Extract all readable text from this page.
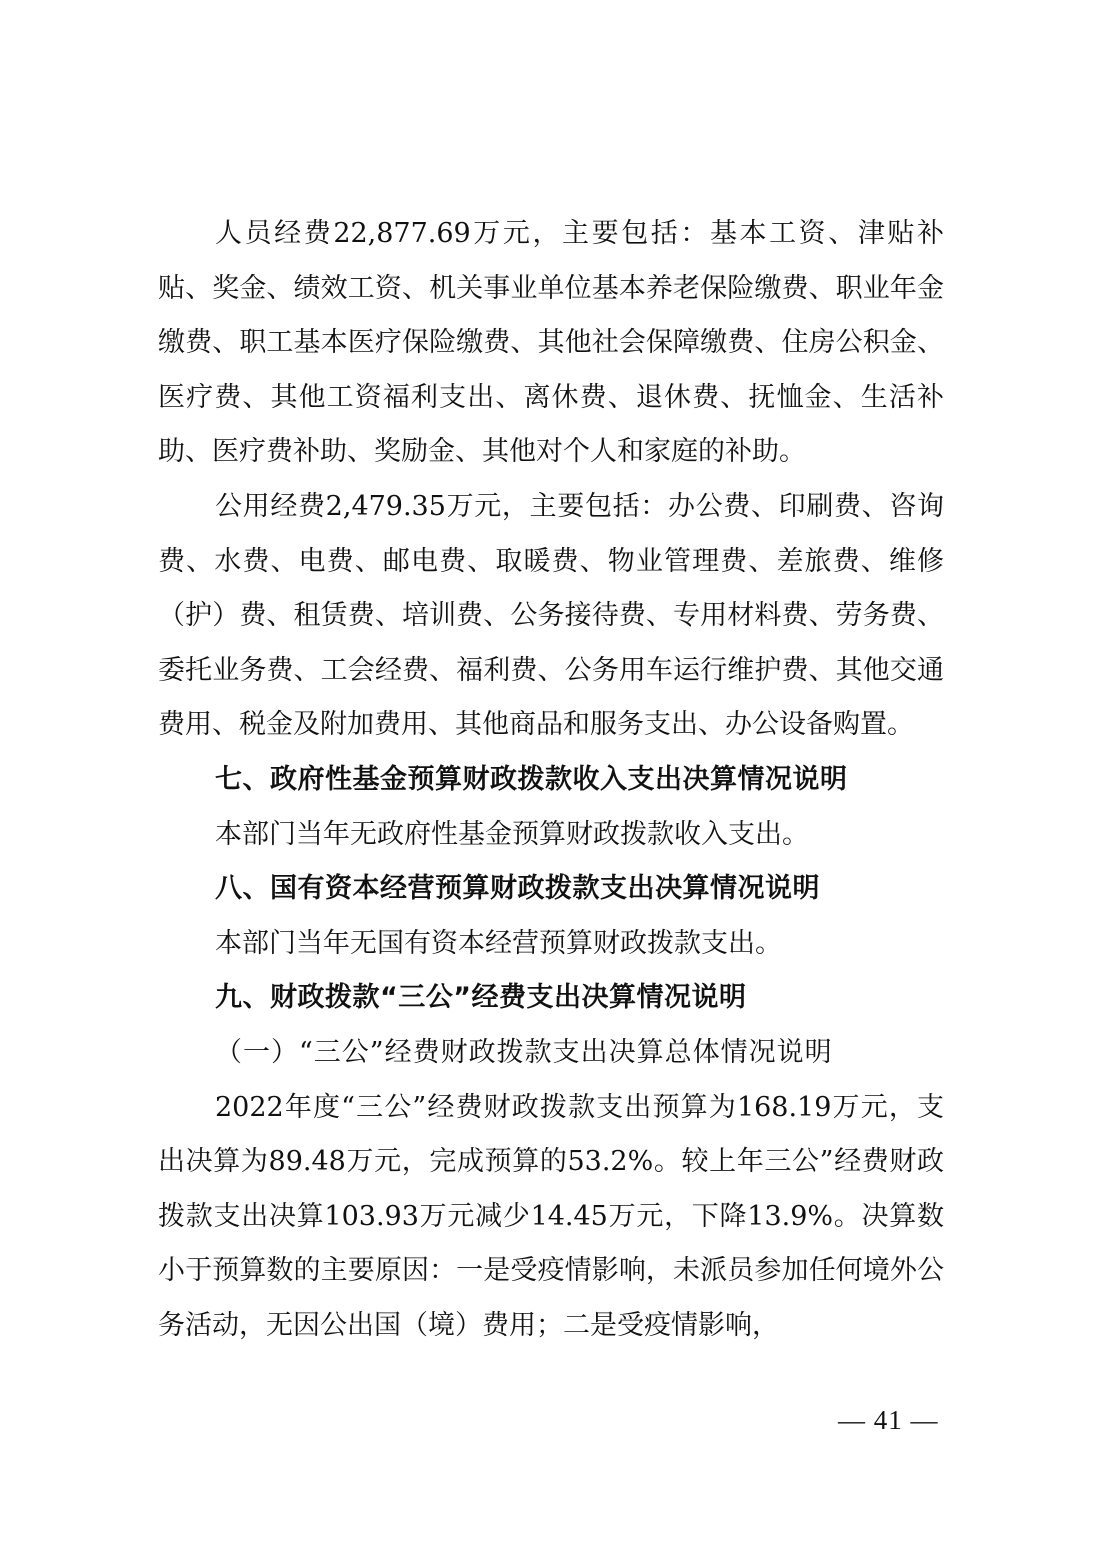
人员经费22,877.69万元，主要包括：基本工资、津贴补贴、奖金、绩效工资、机关事业单位基本养老保险缴费、职业年金缴费、职工基本医疗保险缴费、其他社会保障缴费、住房公积金、医疗费、其他工资福利支出、离休费、退休费、抚恤金、生活补助、医疗费补助、奖励金、其他对个人和家庭的补助。

公用经费2,479.35万元，主要包括：办公费、印刷费、咨询费、水费、电费、邮电费、取暖费、物业管理费、差旅费、维修（护）费、租赁费、培训费、公务接待费、专用材料费、劳务费、委托业务费、工会经费、福利费、公务用车运行维护费、其他交通费用、税金及附加费用、其他商品和服务支出、办公设备购置。

七、政府性基金预算财政拨款收入支出决算情况说明

本部门当年无政府性基金预算财政拨款收入支出。

八、国有资本经营预算财政拨款支出决算情况说明

本部门当年无国有资本经营预算财政拨款支出。

九、财政拨款“三公”经费支出决算情况说明

（一）“三公”经费财政拨款支出决算总体情况说明

2022年度“三公”经费财政拨款支出预算为168.19万元，支出决算为89.48万元，完成预算的53.2%。较上年三公”经费财政拨款支出决算103.93万元减少14.45万元，下降13.9%。决算数小于预算数的主要原因：一是受疫情影响，未派员参加任何境外公务活动，无因公出国（境）费用；二是受疫情影响，

— 41 —
